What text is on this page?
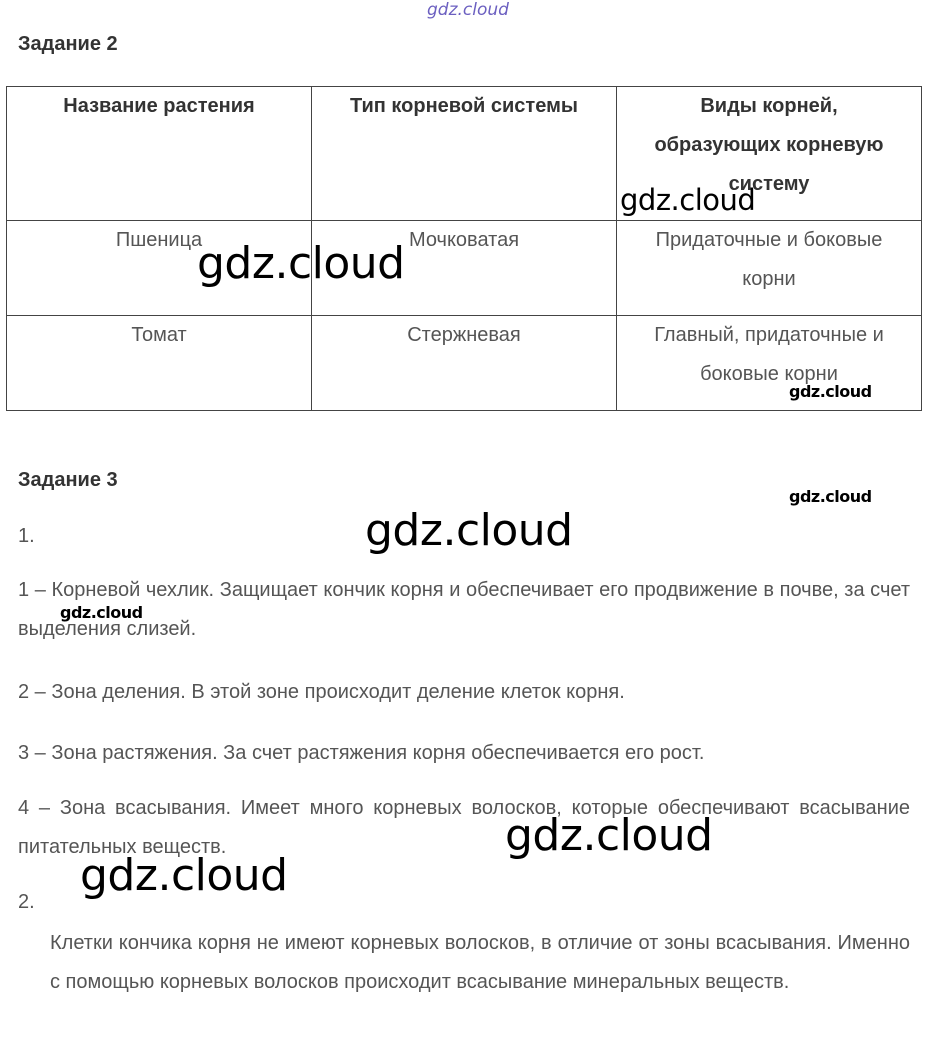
gdz.cloud
Задание 2
Название растения	Тип корневой системы	Виды корней, образующих корневую систему
Пшеница	Мочковатая	Придаточные и боковые корни
Томат	Стержневая	Главный, придаточные и боковые корни
Задание 3
1.
1 – Корневой чехлик. Защищает кончик корня и обеспечивает его продвижение в почве, за счет выделения слизей.
2 – Зона деления. В этой зоне происходит деление клеток корня.
3 – Зона растяжения. За счет растяжения корня обеспечивается его рост.
4 – Зона всасывания. Имеет много корневых волосков, которые обеспечивают всасывание питательных веществ.
2.
Клетки кончика корня не имеют корневых волосков, в отличие от зоны всасывания. Именно с помощью корневых волосков происходит всасывание минеральных веществ.
gdz.cloud
gdz.cloud
gdz.cloud
gdz.cloud
gdz.cloud
gdz.cloud
gdz.cloud
gdz.cloud
